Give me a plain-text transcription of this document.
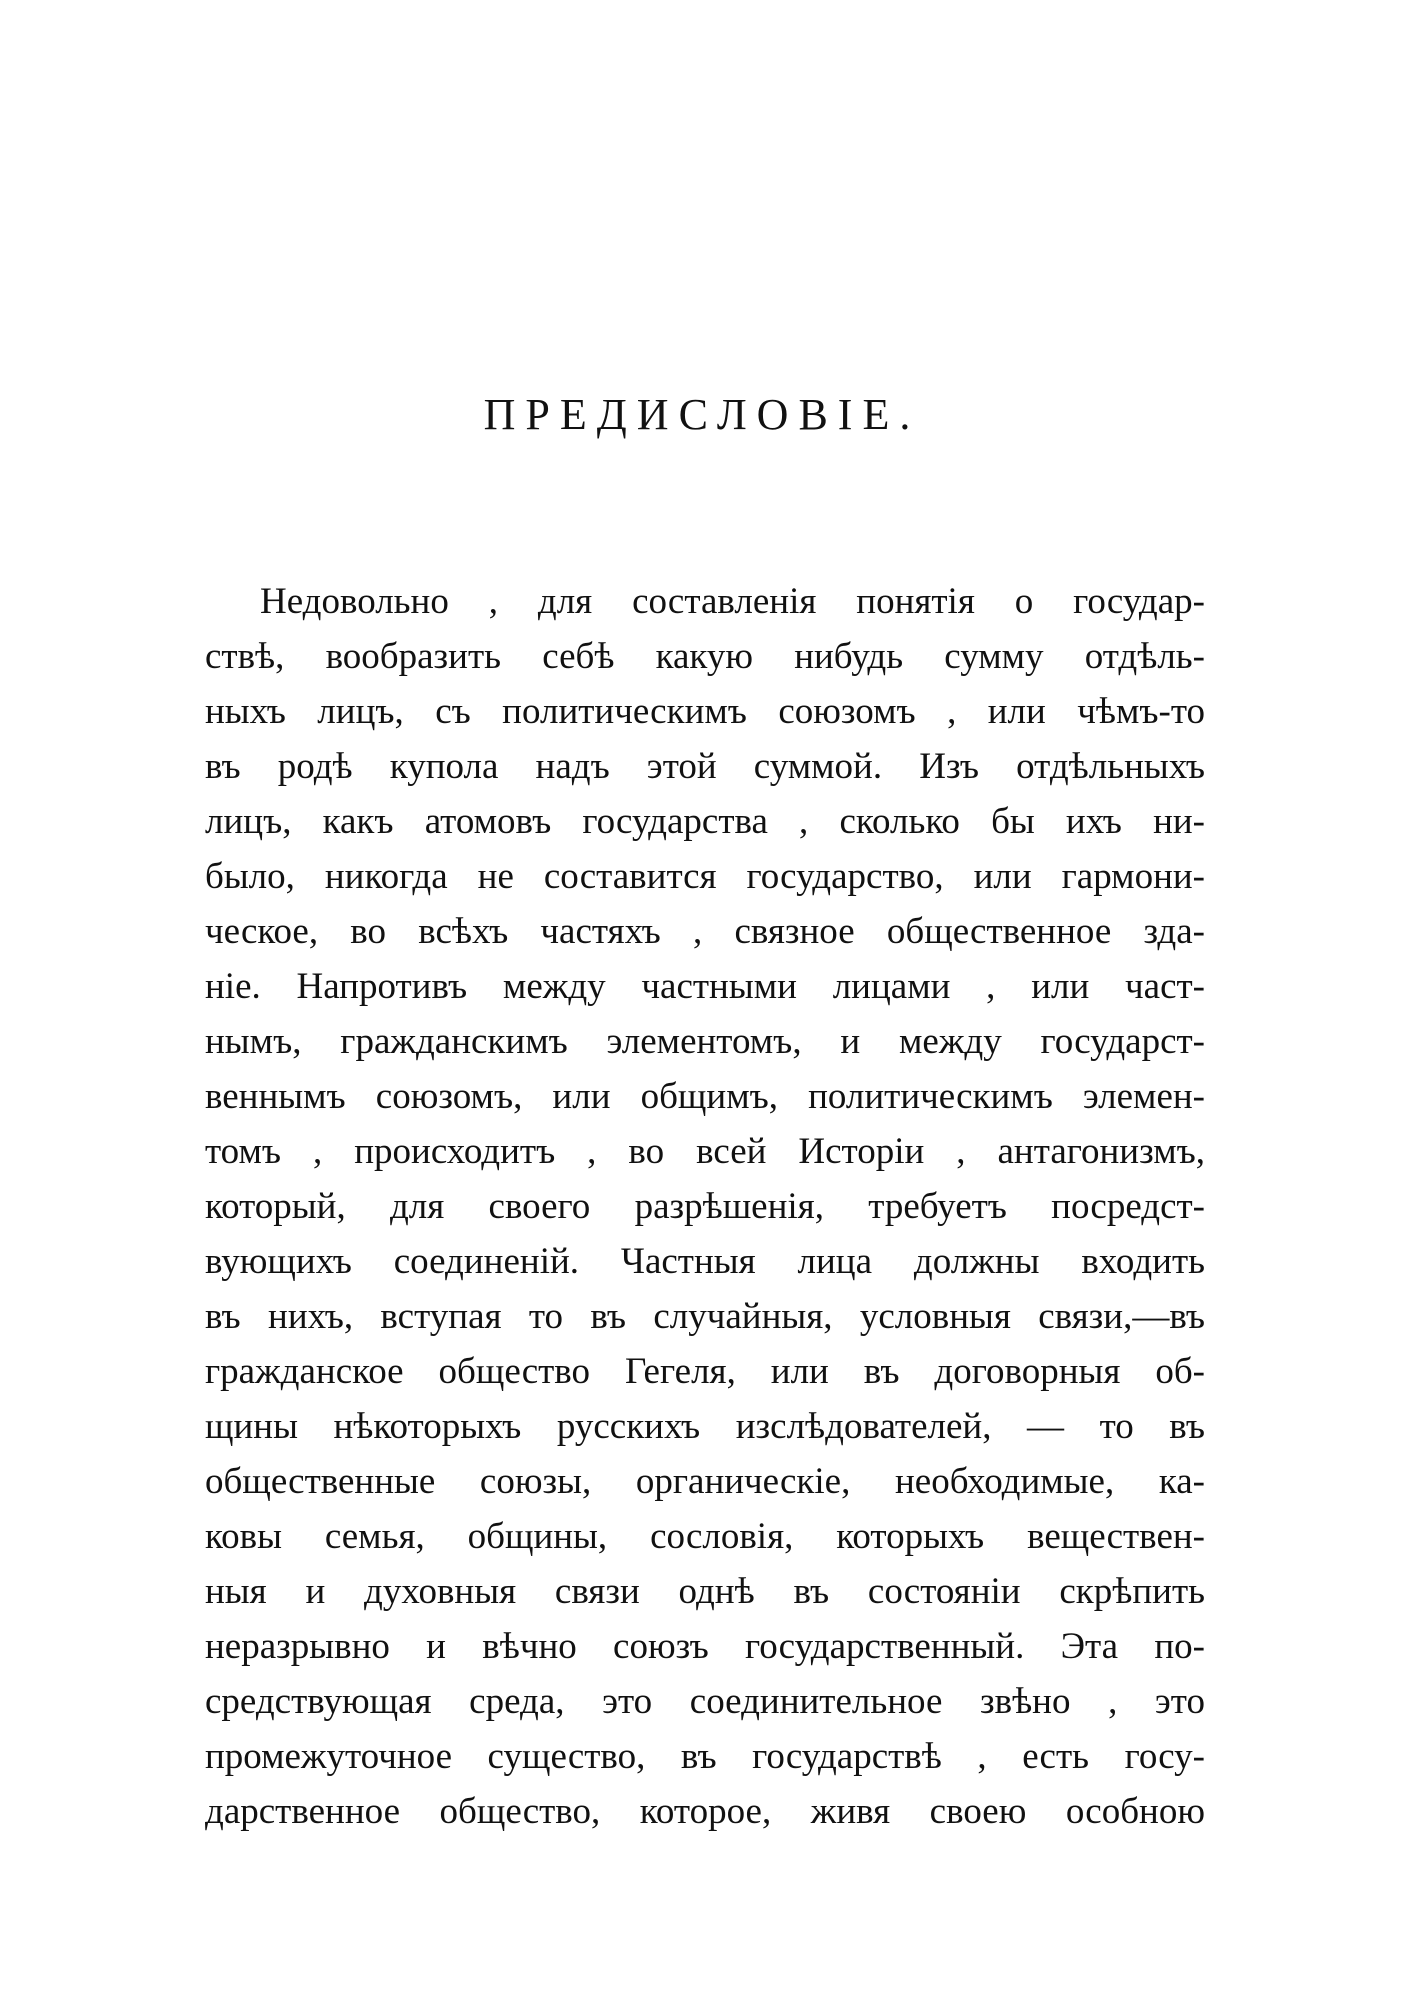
ПРЕДИСЛОВІЕ.
Недовольно , для составленія понятія о государ-
ствѣ, вообразить себѣ какую нибудь сумму отдѣль-
ныхъ лицъ, съ политическимъ союзомъ , или чѣмъ-то
въ родѣ купола надъ этой суммой. Изъ отдѣльныхъ
лицъ, какъ атомовъ государства , сколько бы ихъ ни-
было, никогда не составится государство, или гармони-
ческое, во всѣхъ частяхъ , связное общественное зда-
ніе. Напротивъ между частными лицами , или част-
нымъ, гражданскимъ элементомъ, и между государст-
веннымъ союзомъ, или общимъ, политическимъ элемен-
томъ , происходитъ , во всей Исторіи , антагонизмъ,
который, для своего разрѣшенія, требуетъ посредст-
вующихъ соединеній. Частныя лица должны входить
въ нихъ, вступая то въ случайныя, условныя связи,—въ
гражданское общество Гегеля, или въ договорныя об-
щины нѣкоторыхъ русскихъ изслѣдователей, — то въ
общественные союзы, органическіе, необходимые, ка-
ковы семья, общины, сословія, которыхъ веществен-
ныя и духовныя связи однѣ въ состояніи скрѣпить
неразрывно и вѣчно союзъ государственный. Эта по-
средствующая среда, это соединительное звѣно , это
промежуточное существо, въ государствѣ , есть госу-
дарственное общество, которое, живя своею особною
